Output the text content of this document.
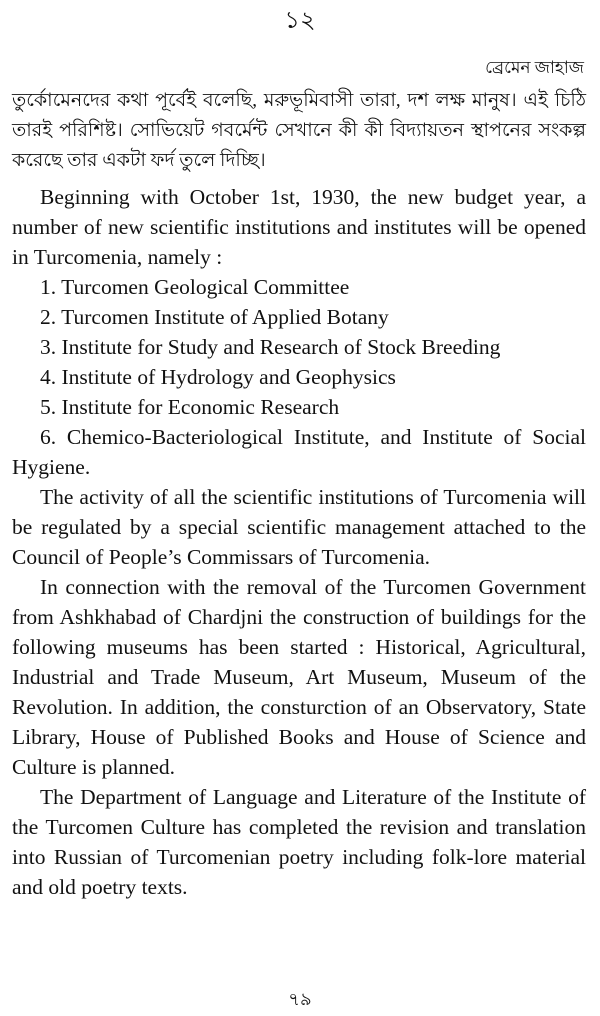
১২
ব্রেমেন জাহাজ

তুর্কোমেনদের কথা পূর্বেই বলেছি, মরুভূমিবাসী তারা, দশ লক্ষ মানুষ। এই চিঠি তারই পরিশিষ্ট। সোভিয়েট গবর্মেন্ট সেখানে কী কী বিদ্যায়তন স্থাপনের সংকল্প করেছে তার একটা ফর্দ তুলে দিচ্ছি।

Beginning with October 1st, 1930, the new budget year, a number of new scientific institutions and institutes will be opened in Turcomenia, namely :

1. Turcomen Geological Committee
2. Turcomen Institute of Applied Botany
3. Institute for Study and Research of Stock Breeding
4. Institute of Hydrology and Geophysics
5. Institute for Economic Research
6. Chemico-Bacteriological Institute, and Institute of Social Hygiene.

The activity of all the scientific institutions of Turcomenia will be regulated by a special scientific management attached to the Council of People’s Commissars of Turcomenia.

In connection with the removal of the Turcomen Government from Ashkhabad of Chardjni the construction of buildings for the following museums has been started : Historical, Agricultural, Industrial and Trade Museum, Art Museum, Museum of the Revolution. In addition, the consturction of an Observatory, State Library, House of Published Books and House of Science and Culture is planned.

The Department of Language and Literature of the Institute of the Turcomen Culture has completed the revision and translation into Russian of Turcomenian poetry including folk-lore material and old poetry texts.

৭৯
